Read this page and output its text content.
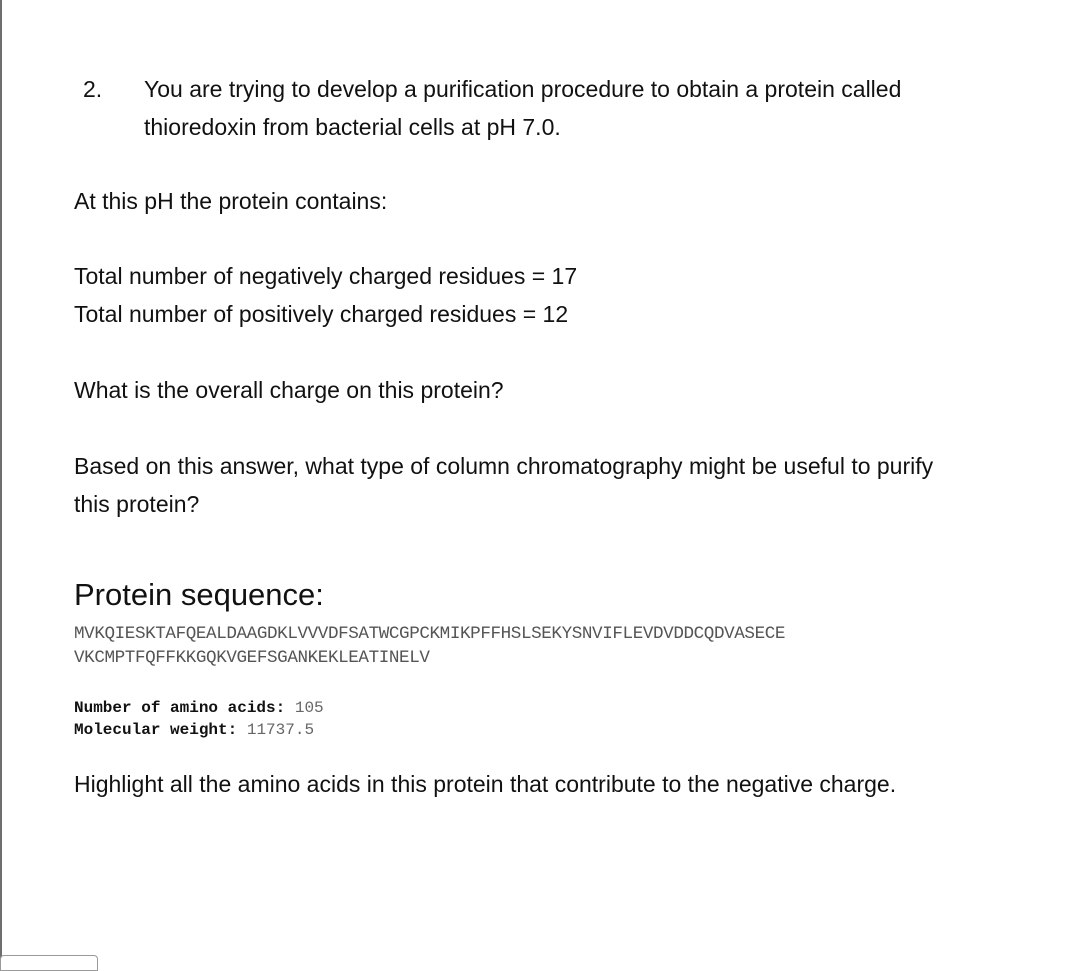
2. You are trying to develop a purification procedure to obtain a protein called thioredoxin from bacterial cells at pH 7.0.
At this pH the protein contains:
Total number of negatively charged residues = 17
Total number of positively charged residues = 12
What is the overall charge on this protein?
Based on this answer, what type of column chromatography might be useful to purify this protein?
Protein sequence:
MVKQIESKTAFQEALDAAGDKLVVVDFSATWCGPCKMIKPFFHSLSEKYSNVIFLEVDVDDCQDVASECE
VKCMPTFQFFKKGQKVGEFSGANKEKLEATINELV
Number of amino acids: 105
Molecular weight: 11737.5
Highlight all the amino acids in this protein that contribute to the negative charge.
